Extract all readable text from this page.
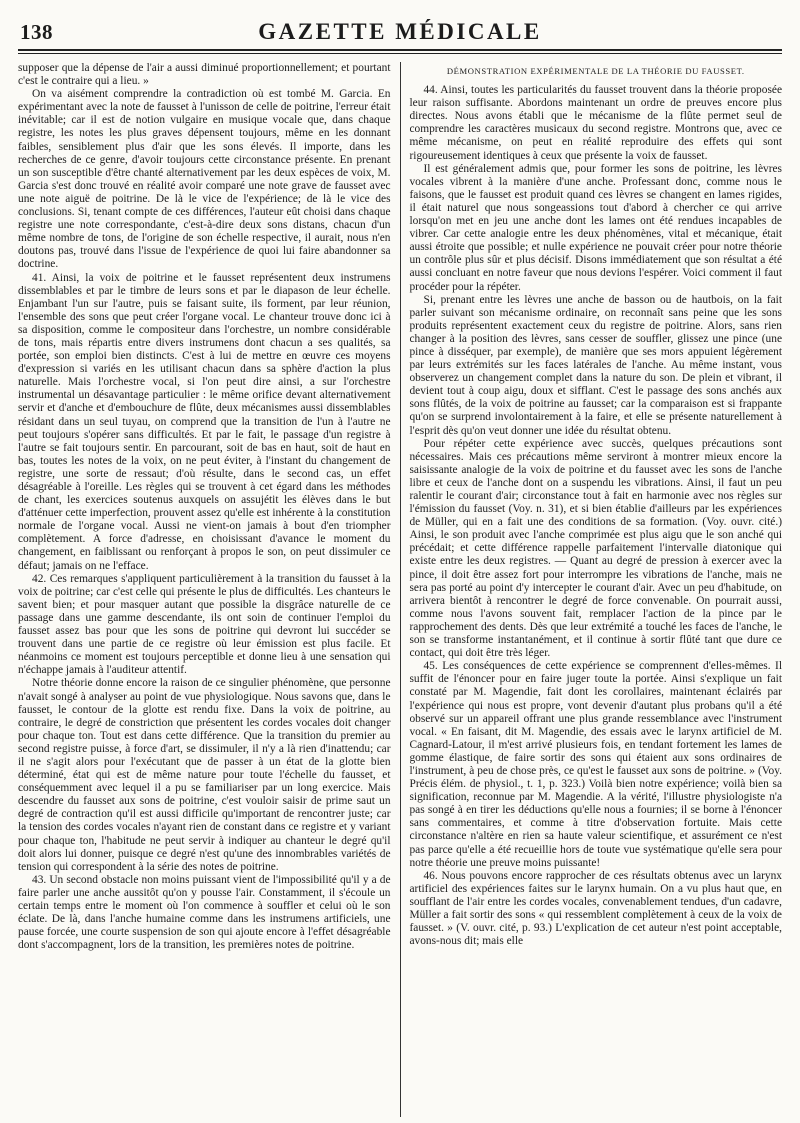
138	GAZETTE MÉDICALE

supposer que la dépense de l'air a aussi diminué proportionnellement; et pourtant c'est le contraire qui a lieu. »

On va aisément comprendre la contradiction où est tombé M. Garcia. En expérimentant avec la note de fausset à l'unisson de celle de poitrine, l'erreur était inévitable; car il est de notion vulgaire en musique vocale que, dans chaque registre, les notes les plus graves dépensent toujours, même en les donnant faibles, sensiblement plus d'air que les sons élevés. Il importe, dans les recherches de ce genre, d'avoir toujours cette circonstance présente. En prenant un son susceptible d'être chanté alternativement par les deux espèces de voix, M. Garcia s'est donc trouvé en réalité avoir comparé une note grave de fausset avec une note aiguë de poitrine. De là le vice de l'expérience; de là le vice des conclusions. Si, tenant compte de ces différences, l'auteur eût choisi dans chaque registre une note correspondante, c'est-à-dire deux sons distans, chacun d'un même nombre de tons, de l'origine de son échelle respective, il aurait, nous n'en doutons pas, trouvé dans l'issue de l'expérience de quoi lui faire abandonner sa doctrine.

41. Ainsi, la voix de poitrine et le fausset représentent deux instrumens dissemblables et par le timbre de leurs sons et par le diapason de leur échelle. Enjambant l'un sur l'autre, puis se faisant suite, ils forment, par leur réunion, l'ensemble des sons que peut créer l'organe vocal. Le chanteur trouve donc ici à sa disposition, comme le compositeur dans l'orchestre, un nombre considérable de tons, mais répartis entre divers instrumens dont chacun a ses qualités, sa portée, son emploi bien distincts. C'est à lui de mettre en œuvre ces moyens d'expression si variés en les utilisant chacun dans sa sphère d'action la plus naturelle. Mais l'orchestre vocal, si l'on peut dire ainsi, a sur l'orchestre instrumental un désavantage particulier : le même orifice devant alternativement servir et d'anche et d'embouchure de flûte, deux mécanismes aussi dissemblables résidant dans un seul tuyau, on comprend que la transition de l'un à l'autre ne peut toujours s'opérer sans difficultés. Et par le fait, le passage d'un registre à l'autre se fait toujours sentir. En parcourant, soit de bas en haut, soit de haut en bas, toutes les notes de la voix, on ne peut éviter, à l'instant du changement de registre, une sorte de ressaut; d'où résulte, dans le second cas, un effet désagréable à l'oreille. Les règles qui se trouvent à cet égard dans les méthodes de chant, les exercices soutenus auxquels on assujétit les élèves dans le but d'atténuer cette imperfection, prouvent assez qu'elle est inhérente à la constitution normale de l'organe vocal. Aussi ne vient-on jamais à bout d'en triompher complètement. A force d'adresse, en choisissant d'avance le moment du changement, en faiblissant ou renforçant à propos le son, on peut dissimuler ce défaut; jamais on ne l'efface.

42. Ces remarques s'appliquent particulièrement à la transition du fausset à la voix de poitrine; car c'est celle qui présente le plus de difficultés. Les chanteurs le savent bien; et pour masquer autant que possible la disgrâce naturelle de ce passage dans une gamme descendante, ils ont soin de continuer l'emploi du fausset assez bas pour que les sons de poitrine qui devront lui succéder se trouvent dans une partie de ce registre où leur émission est plus facile. Et néanmoins ce moment est toujours perceptible et donne lieu à une sensation qui n'échappe jamais à l'auditeur attentif.

Notre théorie donne encore la raison de ce singulier phénomène, que personne n'avait songé à analyser au point de vue physiologique. Nous savons que, dans le fausset, le contour de la glotte est rendu fixe. Dans la voix de poitrine, au contraire, le degré de constriction que présentent les cordes vocales doit changer pour chaque ton. Tout est dans cette différence. Que la transition du premier au second registre puisse, à force d'art, se dissimuler, il n'y a là rien d'inattendu; car il ne s'agit alors pour l'exécutant que de passer à un état de la glotte bien déterminé, état qui est de même nature pour toute l'échelle du fausset, et conséquemment avec lequel il a pu se familiariser par un long exercice. Mais descendre du fausset aux sons de poitrine, c'est vouloir saisir de prime saut un degré de contraction qu'il est aussi difficile qu'important de rencontrer juste; car la tension des cordes vocales n'ayant rien de constant dans ce registre et y variant pour chaque ton, l'habitude ne peut servir à indiquer au chanteur le degré qu'il doit alors lui donner, puisque ce degré n'est qu'une des innombrables variétés de tension qui correspondent à la série des notes de poitrine.

43. Un second obstacle non moins puissant vient de l'impossibilité qu'il y a de faire parler une anche aussitôt qu'on y pousse l'air. Constamment, il s'écoule un certain temps entre le moment où l'on commence à souffler et celui où le son éclate. De là, dans l'anche humaine comme dans les instrumens artificiels, une pause forcée, une courte suspension de son qui ajoute encore à l'effet désagréable dont s'accompagnent, lors de la transition, les premières notes de poitrine.

DÉMONSTRATION EXPÉRIMENTALE DE LA THÉORIE DU FAUSSET.

44. Ainsi, toutes les particularités du fausset trouvent dans la théorie proposée leur raison suffisante. Abordons maintenant un ordre de preuves encore plus directes. Nous avons établi que le mécanisme de la flûte permet seul de comprendre les caractères musicaux du second registre. Montrons que, avec ce même mécanisme, on peut en réalité reproduire des effets qui sont rigoureusement identiques à ceux que présente la voix de fausset.

Il est généralement admis que, pour former les sons de poitrine, les lèvres vocales vibrent à la manière d'une anche. Professant donc, comme nous le faisons, que le fausset est produit quand ces lèvres se changent en lames rigides, il était naturel que nous songeassions tout d'abord à chercher ce qui arrive lorsqu'on met en jeu une anche dont les lames ont été rendues incapables de vibrer. Car cette analogie entre les deux phénomènes, vital et mécanique, était aussi étroite que possible; et nulle expérience ne pouvait créer pour notre théorie un contrôle plus sûr et plus décisif. Disons immédiatement que son résultat a été aussi concluant en notre faveur que nous devions l'espérer. Voici comment il faut procéder pour la répéter.

Si, prenant entre les lèvres une anche de basson ou de hautbois, on la fait parler suivant son mécanisme ordinaire, on reconnaît sans peine que les sons produits représentent exactement ceux du registre de poitrine. Alors, sans rien changer à la position des lèvres, sans cesser de souffler, glissez une pince (une pince à disséquer, par exemple), de manière que ses mors appuient légèrement par leurs extrémités sur les faces latérales de l'anche. Au même instant, vous observerez un changement complet dans la nature du son. De plein et vibrant, il devient tout à coup aigu, doux et sifflant. C'est le passage des sons anchés aux sons flûtés, de la voix de poitrine au fausset; car la comparaison est si frappante qu'on se surprend involontairement à la faire, et elle se présente naturellement à l'esprit dès qu'on veut donner une idée du résultat obtenu.

Pour répéter cette expérience avec succès, quelques précautions sont nécessaires. Mais ces précautions même serviront à montrer mieux encore la saisissante analogie de la voix de poitrine et du fausset avec les sons de l'anche libre et ceux de l'anche dont on a suspendu les vibrations. Ainsi, il faut un peu ralentir le courant d'air; circonstance tout à fait en harmonie avec nos règles sur l'émission du fausset (Voy. n. 31), et si bien établie d'ailleurs par les expériences de Müller, qui en a fait une des conditions de sa formation. (Voy. ouvr. cité.) Ainsi, le son produit avec l'anche comprimée est plus aigu que le son anché qui précédait; et cette différence rappelle parfaitement l'intervalle diatonique qui existe entre les deux registres. — Quant au degré de pression à exercer avec la pince, il doit être assez fort pour interrompre les vibrations de l'anche, mais ne sera pas porté au point d'y intercepter le courant d'air. Avec un peu d'habitude, on arrivera bientôt à rencontrer le degré de force convenable. On pourrait aussi, comme nous l'avons souvent fait, remplacer l'action de la pince par le rapprochement des dents. Dès que leur extrémité a touché les faces de l'anche, le son se transforme instantanément, et il continue à sortir flûté tant que dure ce contact, qui doit être très léger.

45. Les conséquences de cette expérience se comprennent d'elles-mêmes. Il suffit de l'énoncer pour en faire juger toute la portée. Ainsi s'explique un fait constaté par M. Magendie, fait dont les corollaires, maintenant éclairés par l'expérience qui nous est propre, vont devenir d'autant plus probans qu'il a été observé sur un appareil offrant une plus grande ressemblance avec l'instrument vocal. « En faisant, dit M. Magendie, des essais avec le larynx artificiel de M. Cagnard-Latour, il m'est arrivé plusieurs fois, en tendant fortement les lames de gomme élastique, de faire sortir des sons qui étaient aux sons ordinaires de l'instrument, à peu de chose près, ce qu'est le fausset aux sons de poitrine. » (Voy. Précis élém. de physiol., t. 1, p. 323.) Voilà bien notre expérience; voilà bien sa signification, reconnue par M. Magendie. A la vérité, l'illustre physiologiste n'a pas songé à en tirer les déductions qu'elle nous a fournies; il se borne à l'énoncer sans commentaires, et comme à titre d'observation fortuite. Mais cette circonstance n'altère en rien sa haute valeur scientifique, et assurément ce n'est pas parce qu'elle a été recueillie hors de toute vue systématique qu'elle sera pour notre théorie une preuve moins puissante!

46. Nous pouvons encore rapprocher de ces résultats obtenus avec un larynx artificiel des expériences faites sur le larynx humain. On a vu plus haut que, en soufflant de l'air entre les cordes vocales, convenablement tendues, d'un cadavre, Müller a fait sortir des sons « qui ressemblent complètement à ceux de la voix de fausset. » (V. ouvr. cité, p. 93.) L'explication de cet auteur n'est point acceptable, avons-nous dit; mais elle
